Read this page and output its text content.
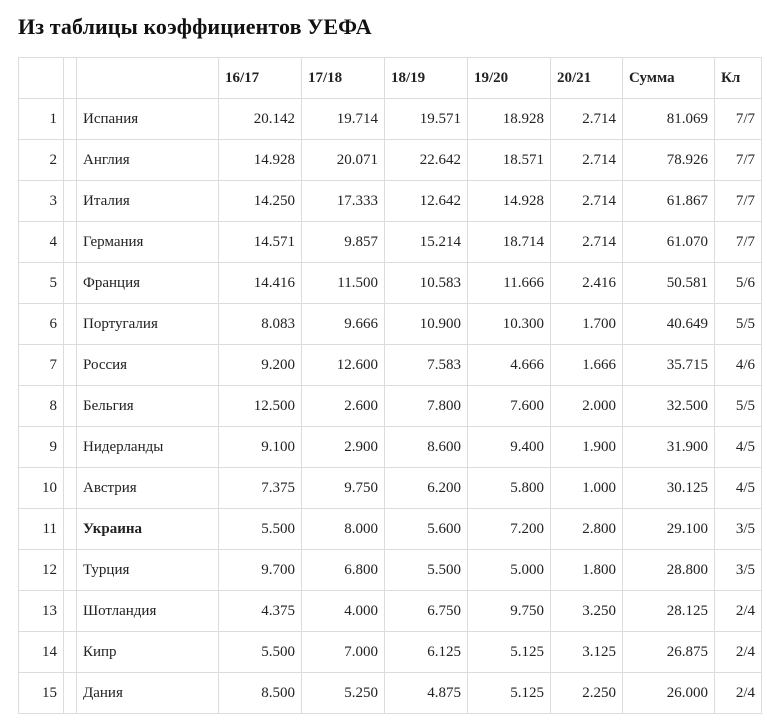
Из таблицы коэффициентов УЕФА
			16/17	17/18	18/19	19/20	20/21	Сумма	Кл
1		Испания	20.142	19.714	19.571	18.928	2.714	81.069	7/7
2		Англия	14.928	20.071	22.642	18.571	2.714	78.926	7/7
3		Италия	14.250	17.333	12.642	14.928	2.714	61.867	7/7
4		Германия	14.571	9.857	15.214	18.714	2.714	61.070	7/7
5		Франция	14.416	11.500	10.583	11.666	2.416	50.581	5/6
6		Португалия	8.083	9.666	10.900	10.300	1.700	40.649	5/5
7		Россия	9.200	12.600	7.583	4.666	1.666	35.715	4/6
8		Бельгия	12.500	2.600	7.800	7.600	2.000	32.500	5/5
9		Нидерланды	9.100	2.900	8.600	9.400	1.900	31.900	4/5
10		Австрия	7.375	9.750	6.200	5.800	1.000	30.125	4/5
11		Украина	5.500	8.000	5.600	7.200	2.800	29.100	3/5
12		Турция	9.700	6.800	5.500	5.000	1.800	28.800	3/5
13		Шотландия	4.375	4.000	6.750	9.750	3.250	28.125	2/4
14		Кипр	5.500	7.000	6.125	5.125	3.125	26.875	2/4
15		Дания	8.500	5.250	4.875	5.125	2.250	26.000	2/4
